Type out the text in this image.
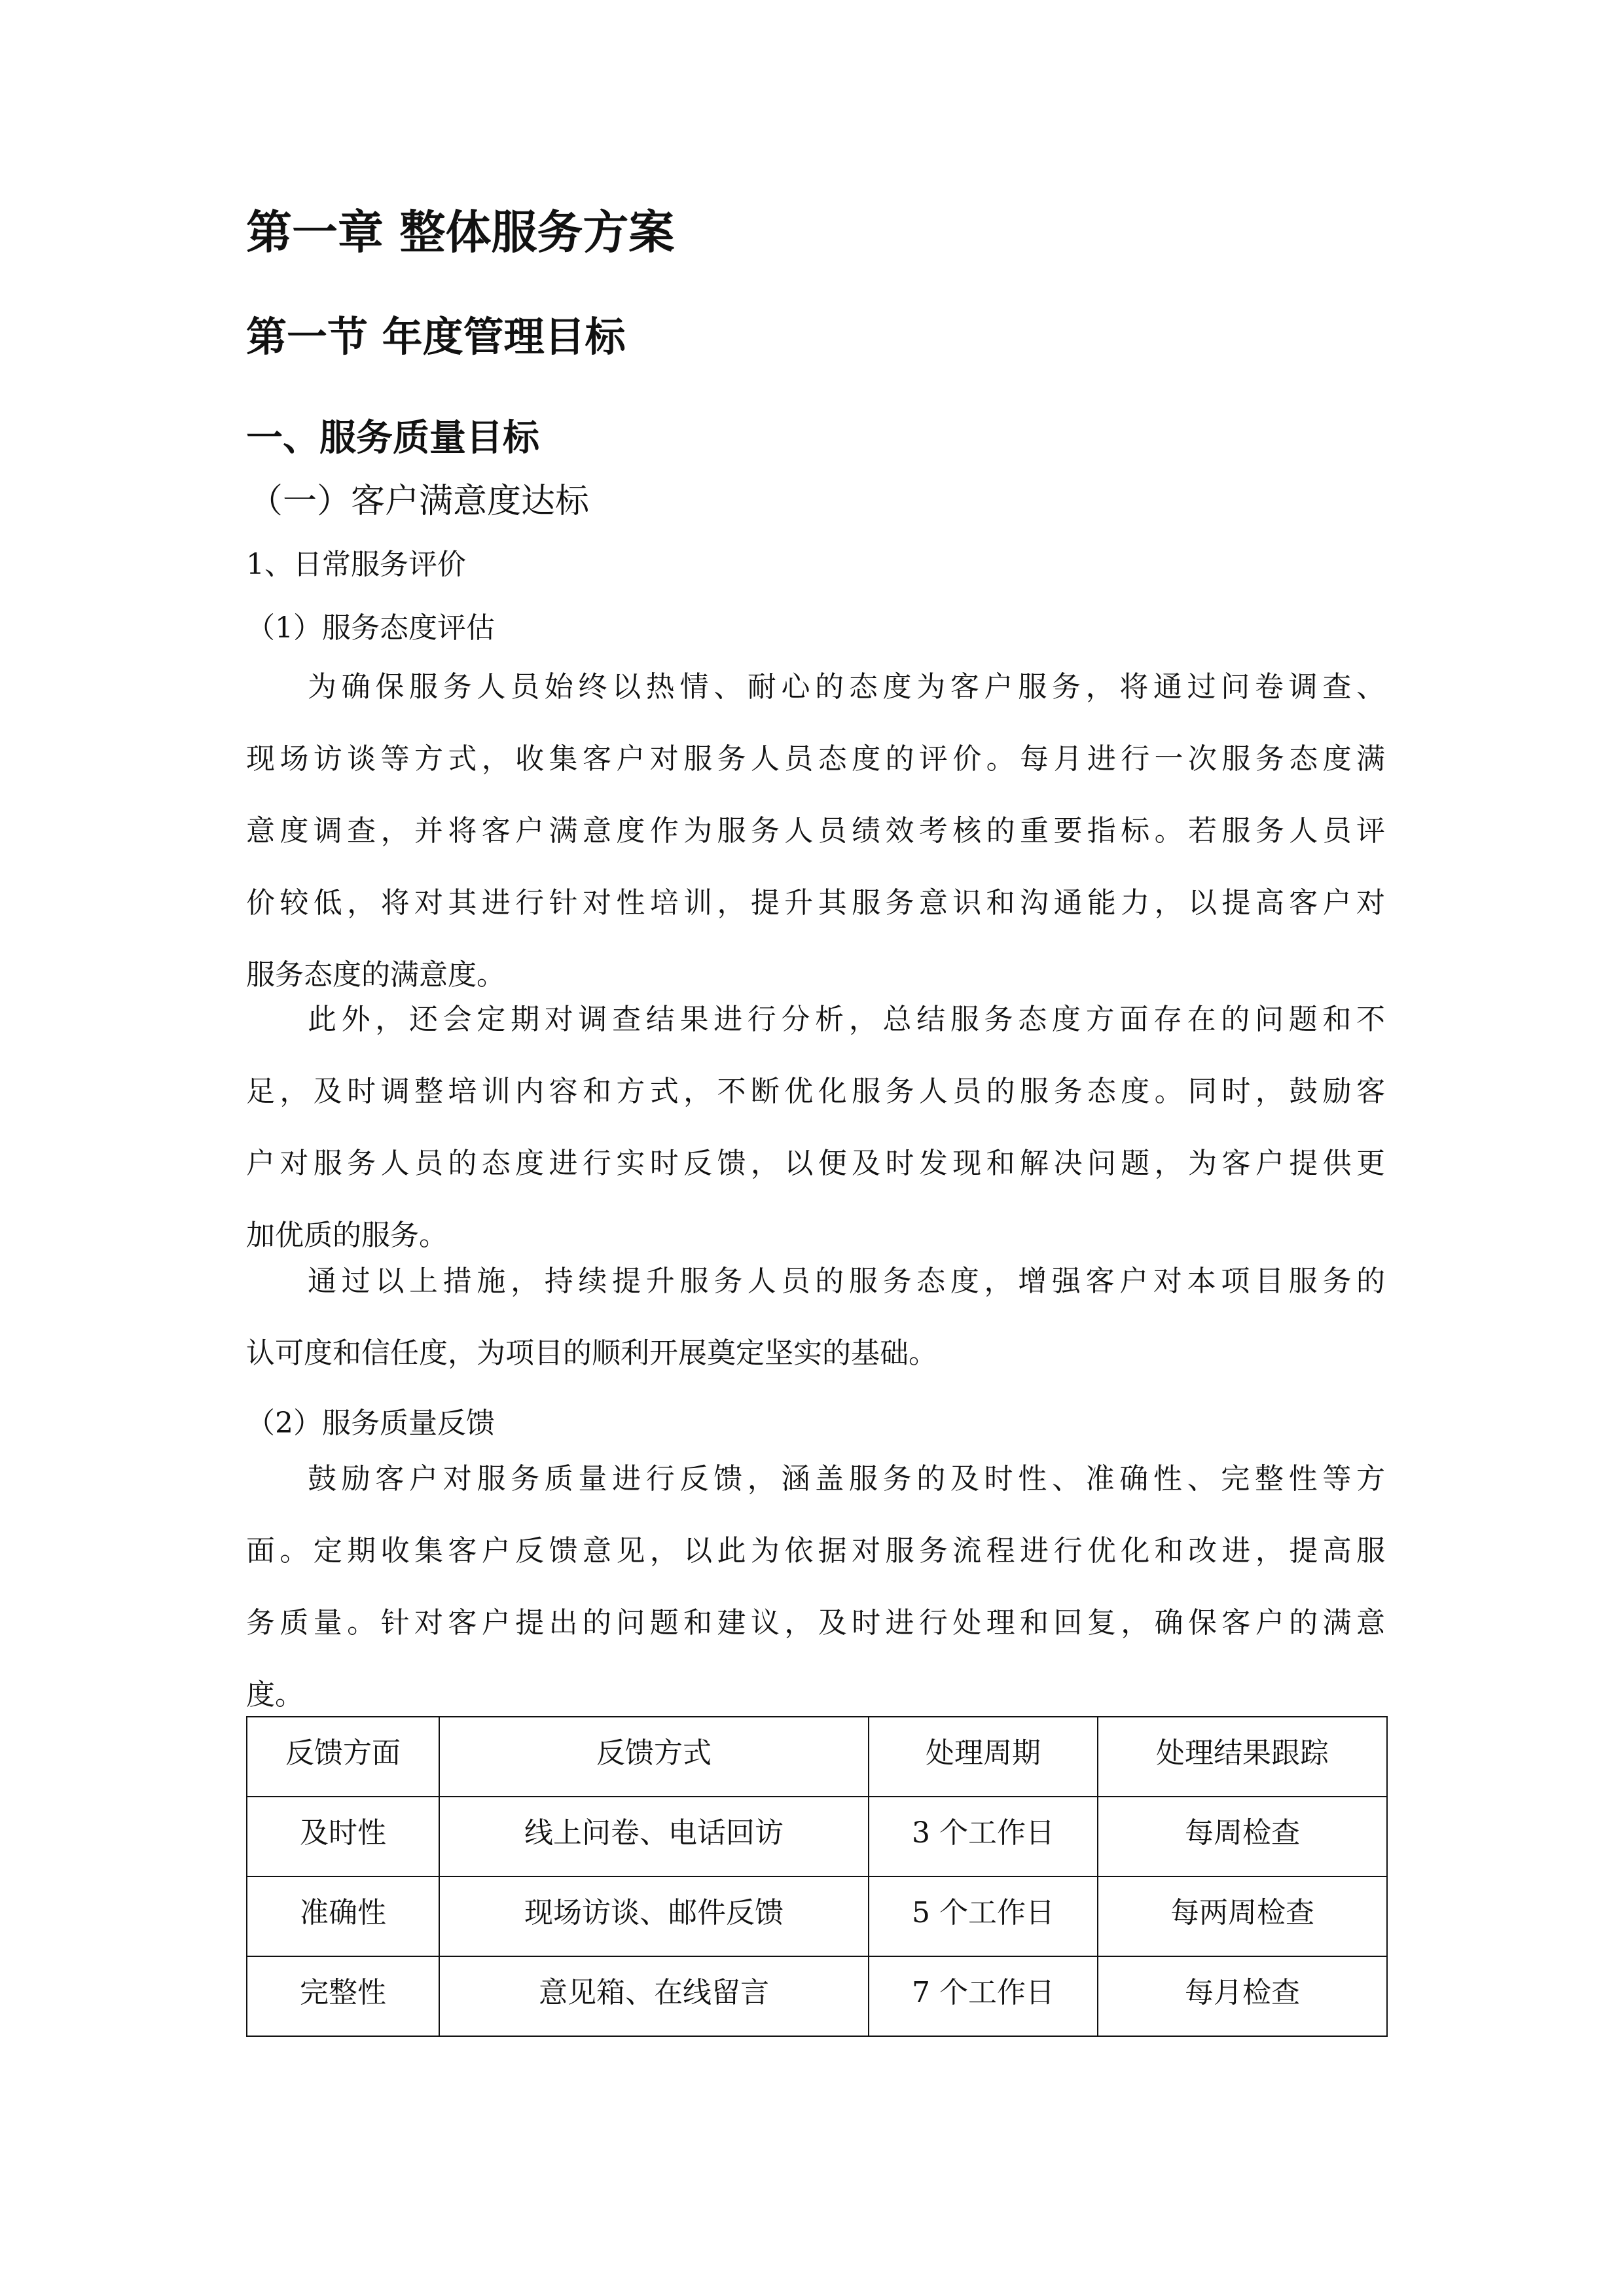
第一章 整体服务方案
第一节 年度管理目标
一、服务质量目标
（一）客户满意度达标
1、日常服务评价
（1）服务态度评估
为确保服务人员始终以热情、耐心的态度为客户服务，将通过问卷调查、
现场访谈等方式，收集客户对服务人员态度的评价。每月进行一次服务态度满
意度调查，并将客户满意度作为服务人员绩效考核的重要指标。若服务人员评
价较低，将对其进行针对性培训，提升其服务意识和沟通能力，以提高客户对
服务态度的满意度。
此外，还会定期对调查结果进行分析，总结服务态度方面存在的问题和不
足，及时调整培训内容和方式，不断优化服务人员的服务态度。同时，鼓励客
户对服务人员的态度进行实时反馈，以便及时发现和解决问题，为客户提供更
加优质的服务。
通过以上措施，持续提升服务人员的服务态度，增强客户对本项目服务的
认可度和信任度，为项目的顺利开展奠定坚实的基础。
（2）服务质量反馈
鼓励客户对服务质量进行反馈，涵盖服务的及时性、准确性、完整性等方
面。定期收集客户反馈意见，以此为依据对服务流程进行优化和改进，提高服
务质量。针对客户提出的问题和建议，及时进行处理和回复，确保客户的满意
度。
反馈方面	反馈方式	处理周期	处理结果跟踪
及时性	线上问卷、电话回访	3 个工作日	每周检查
准确性	现场访谈、邮件反馈	5 个工作日	每两周检查
完整性	意见箱、在线留言	7 个工作日	每月检查
